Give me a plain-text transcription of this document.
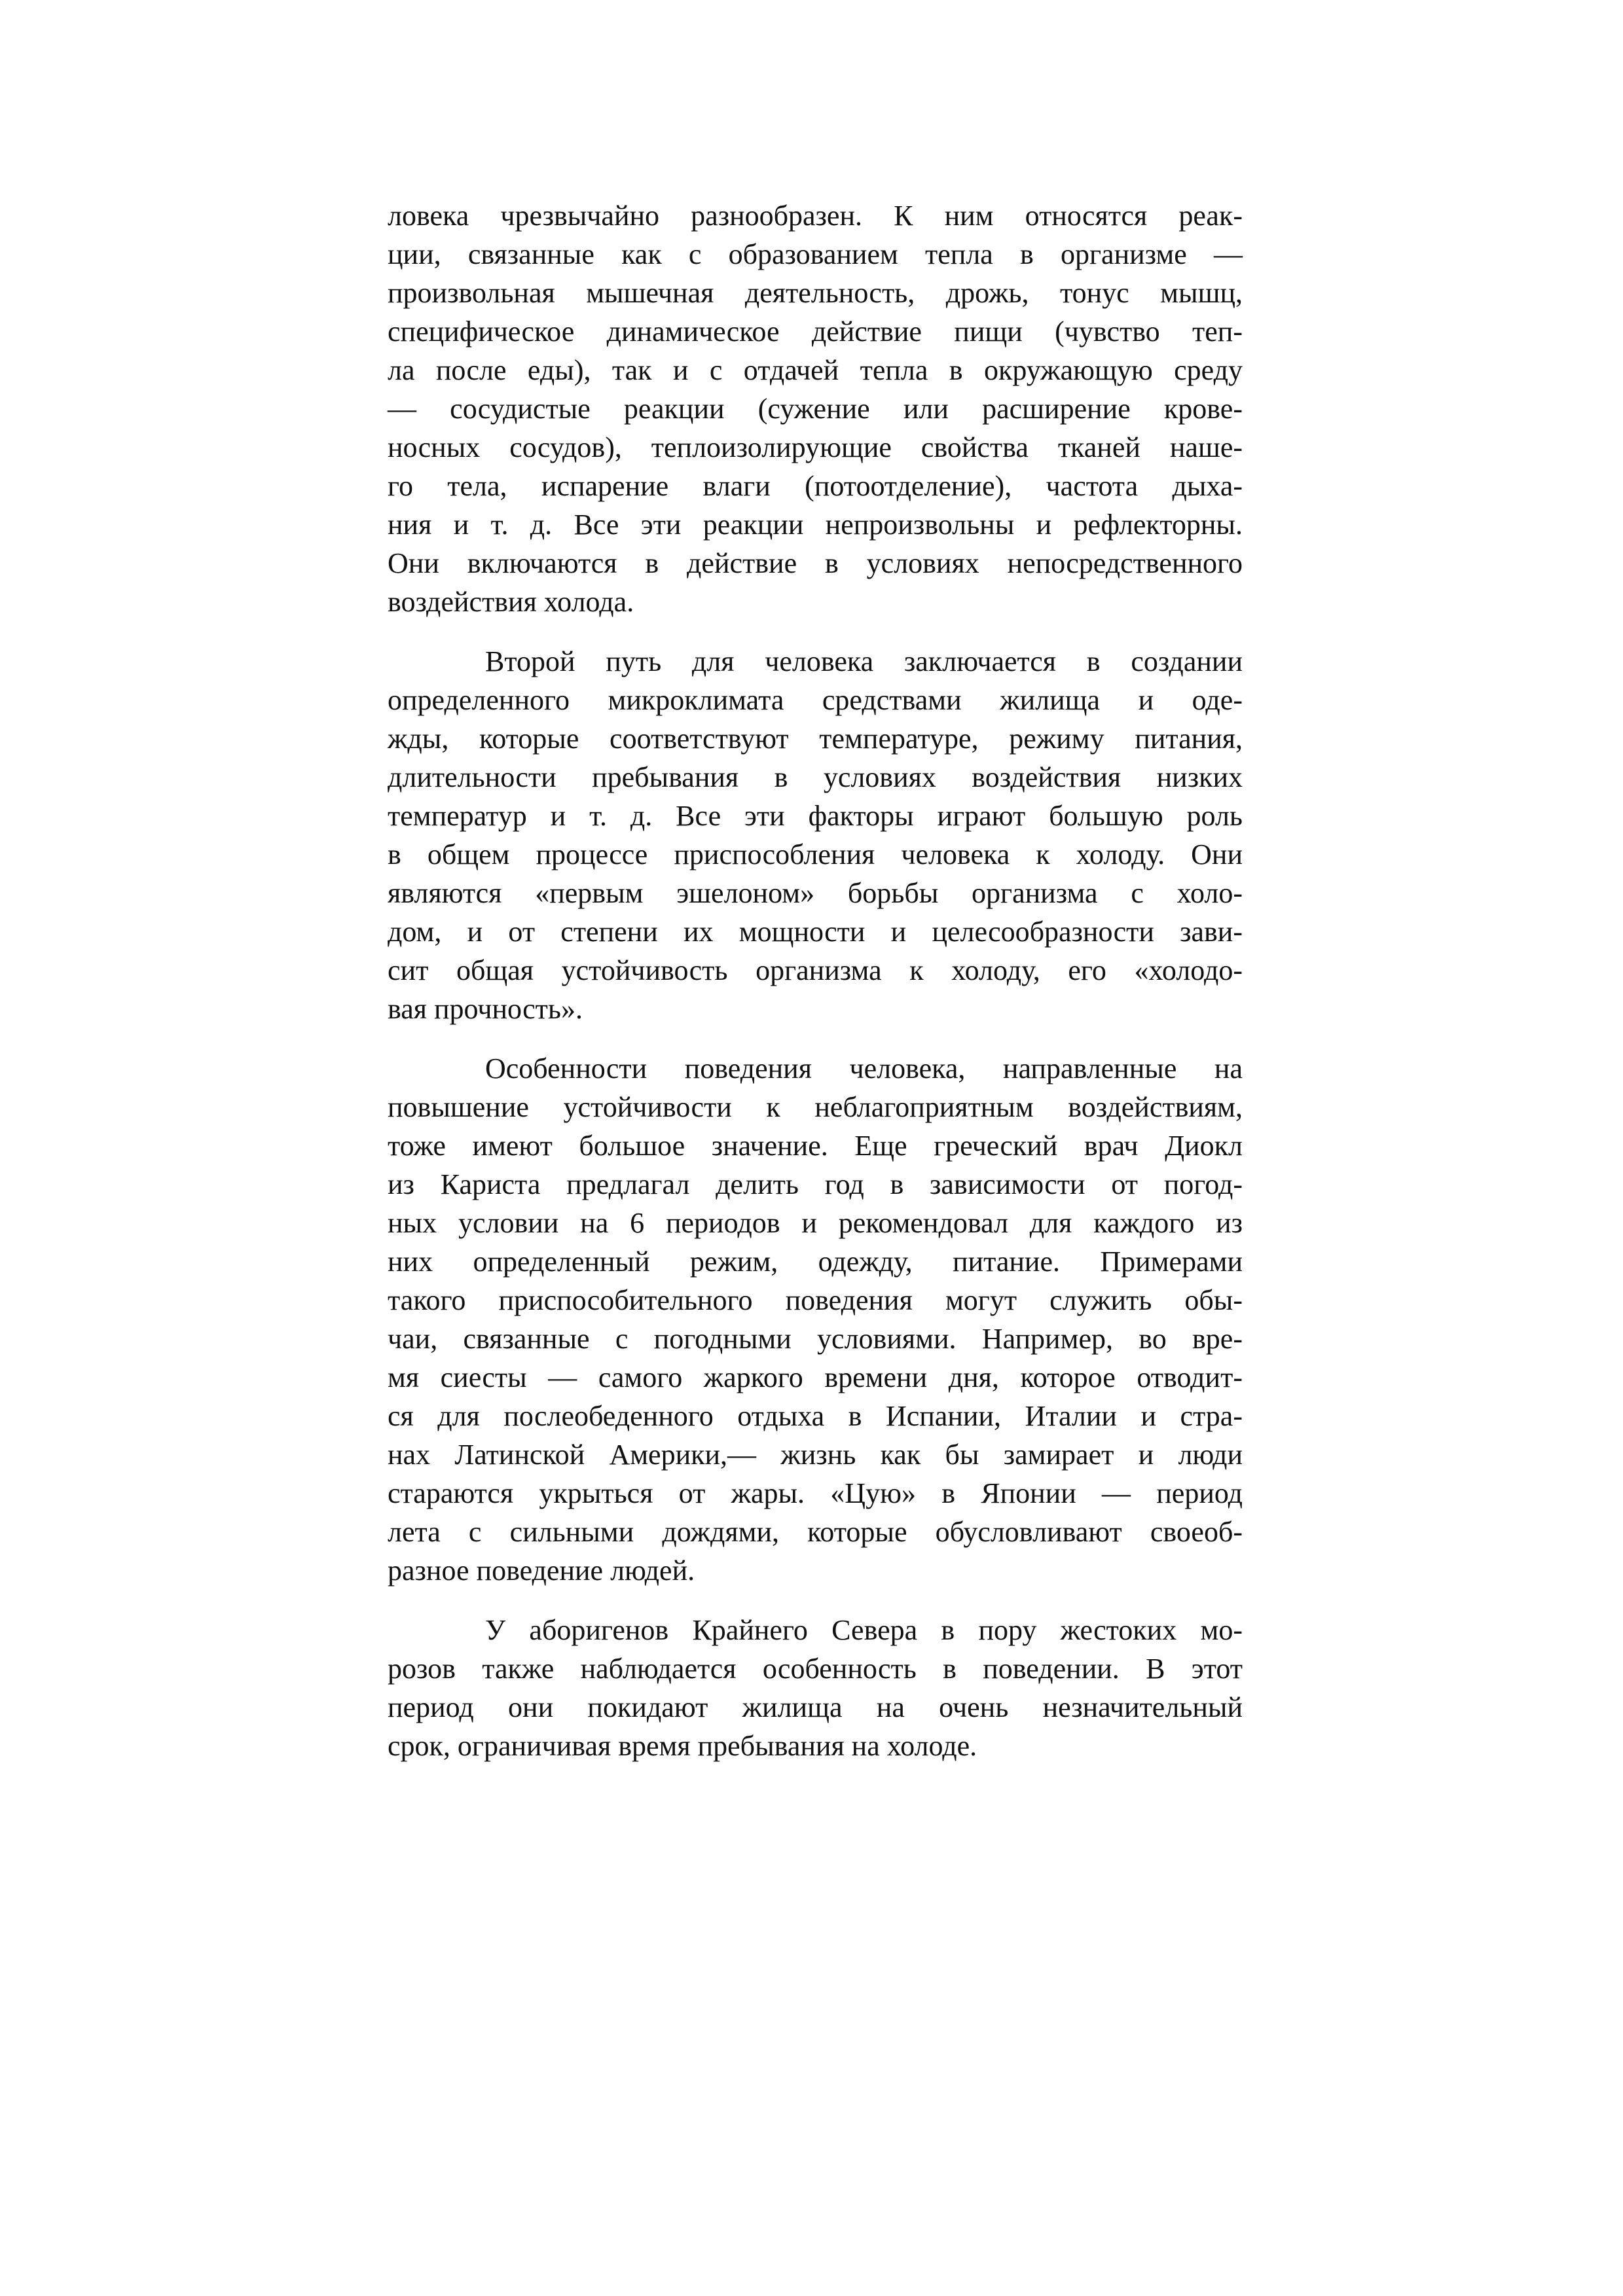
ловека чрезвычайно разнообразен. К ним относятся реак-
ции, связанные как с образованием тепла в организме —
произвольная мышечная деятельность, дрожь, тонус мышц,
специфическое динамическое действие пищи (чувство теп-
ла после еды), так и с отдачей тепла в окружающую среду
— сосудистые реакции (сужение или расширение крове-
носных сосудов), теплоизолирующие свойства тканей наше-
го тела, испарение влаги (потоотделение), частота дыха-
ния и т. д. Все эти реакции непроизвольны и рефлекторны.
Они включаются в действие в условиях непосредственного
воздействия холода.
Второй путь для человека заключается в создании
определенного микроклимата средствами жилища и оде-
жды, которые соответствуют температуре, режиму питания,
длительности пребывания в условиях воздействия низких
температур и т. д. Все эти факторы играют большую роль
в общем процессе приспособления человека к холоду. Они
являются «первым эшелоном» борьбы организма с холо-
дом, и от степени их мощности и целесообразности зави-
сит общая устойчивость организма к холоду, его «холодо-
вая прочность».
Особенности поведения человека, направленные на
повышение устойчивости к неблагоприятным воздействиям,
тоже имеют большое значение. Еще греческий врач Диокл
из Кариста предлагал делить год в зависимости от погод-
ных условии на 6 периодов и рекомендовал для каждого из
них определенный режим, одежду, питание. Примерами
такого приспособительного поведения могут служить обы-
чаи, связанные с погодными условиями. Например, во вре-
мя сиесты — самого жаркого времени дня, которое отводит-
ся для послеобеденного отдыха в Испании, Италии и стра-
нах Латинской Америки,— жизнь как бы замирает и люди
стараются укрыться от жары. «Цую» в Японии — период
лета с сильными дождями, которые обусловливают своеоб-
разное поведение людей.
У аборигенов Крайнего Севера в пору жестоких мо-
розов также наблюдается особенность в поведении. В этот
период они покидают жилища на очень незначительный
срок, ограничивая время пребывания на холоде.
